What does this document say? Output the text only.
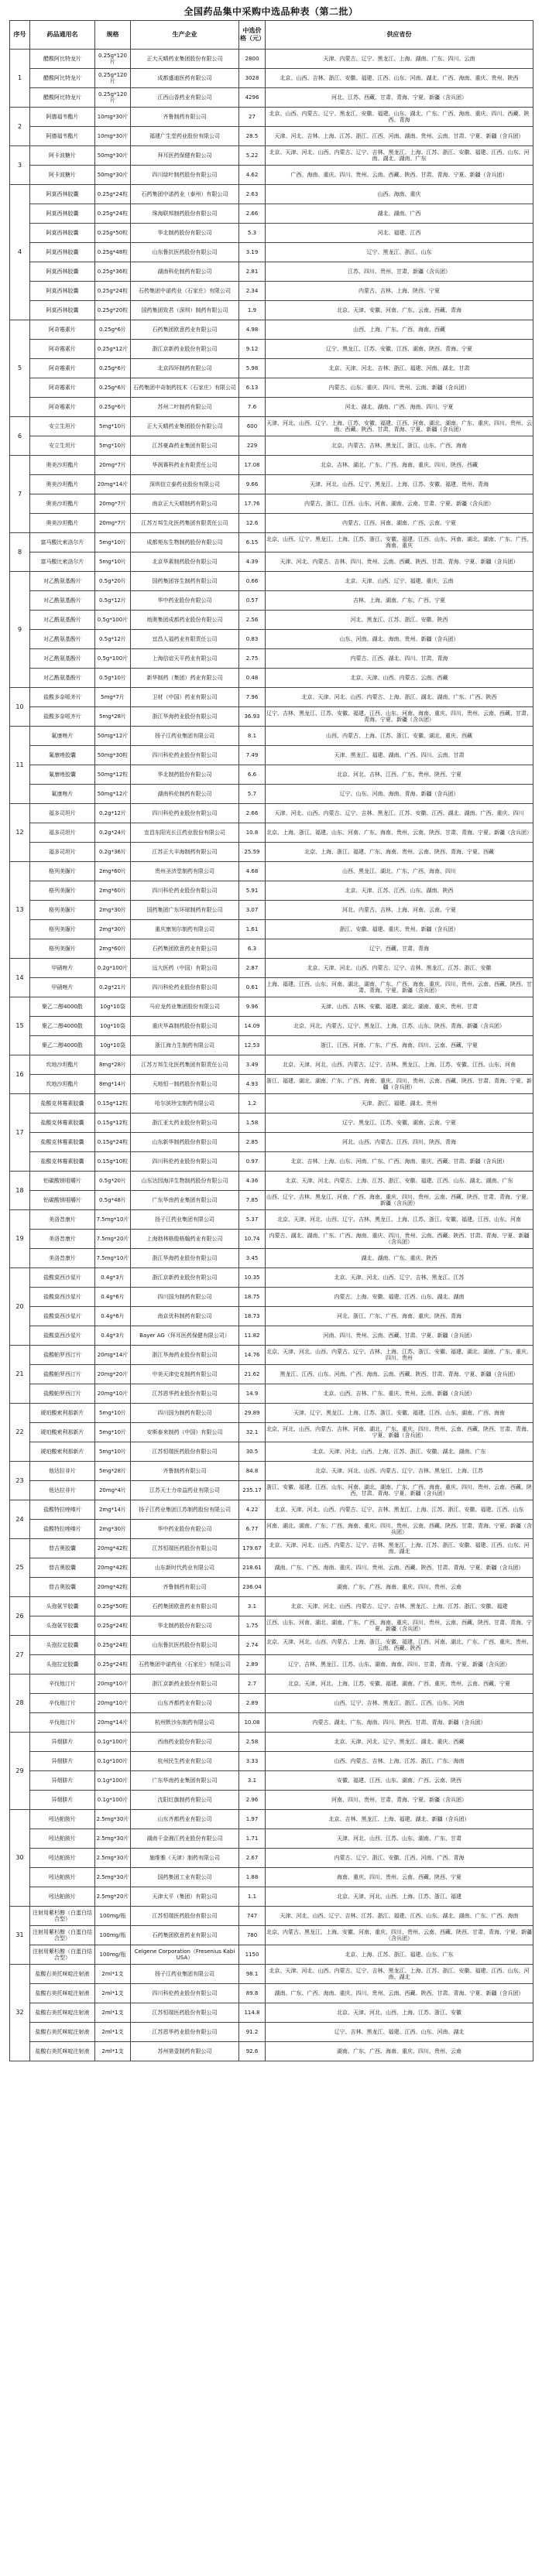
全国药品集中采购中选品种表（第二批）
序号	药品通用名	规格	生产企业	中选价格（元）	供应省份
1	醋酸阿比特龙片	0.25g*120片	正大天晴药业集团股份有限公司	2800	天津、内蒙古、辽宁、黑龙江、上海、湖南、广东、四川、云南
	醋酸阿比特龙片	0.25g*120片	成都盛迪医药有限公司	3028	北京、山西、吉林、浙江、安徽、福建、江西、山东、河南、湖北、广西、海南、重庆、贵州、陕西
	醋酸阿比特龙片	0.25g*120片	江西山香药业有限公司	4296	河北、江苏、西藏、甘肃、青海、宁夏、新疆（含兵团）
2	阿德福韦酯片	10mg*30片	齐鲁制药有限公司	27	北京、山西、内蒙古、辽宁、黑龙江、安徽、福建、山东、湖北、广东、广西、海南、重庆、四川、西藏、陕西、青海
	阿德福韦酯片	10mg*30片	福建广生堂药业股份有限公司	28.5	天津、河北、吉林、上海、江苏、浙江、江西、河南、湖南、贵州、云南、甘肃、宁夏、新疆（含兵团）
3	阿卡波糖片	50mg*30片	拜耳医药保健有限公司	5.22	北京、天津、河北、山西、内蒙古、辽宁、吉林、黑龙江、上海、江苏、浙江、安徽、福建、江西、山东、河南、湖北、湖南、广东
	阿卡波糖片	50mg*30片	四川绿叶制药股份有限公司	4.62	广西、海南、重庆、四川、贵州、云南、西藏、陕西、甘肃、青海、宁夏、新疆（含兵团）
4	阿莫西林胶囊	0.25g*24粒	石药集团中诺药业（泰州）有限公司	2.63	山西、海南、重庆
	阿莫西林胶囊	0.25g*24粒	珠海联邦制药股份有限公司	2.66	湖北、湖南、广西
	阿莫西林胶囊	0.25g*50粒	华北制药股份有限公司	5.3	河北、福建、江西
	阿莫西林胶囊	0.25g*48粒	山东鲁抗医药股份有限公司	3.19	辽宁、黑龙江、浙江、山东
	阿莫西林胶囊	0.25g*36粒	湖南科伦制药有限公司	2.81	江苏、四川、贵州、甘肃、新疆（含兵团）
	阿莫西林胶囊	0.25g*24粒	石药集团中诺药业（石家庄）有限公司	2.34	内蒙古、吉林、上海、陕西、宁夏
	阿莫西林胶囊	0.25g*20粒	国药集团致君（深圳）制药有限公司	1.9	北京、天津、安徽、河南、广东、云南、西藏、青海
5	阿奇霉素片	0.25g*6片	石药集团欧意药业有限公司	4.98	山西、上海、广东、广西、海南、西藏
	阿奇霉素片	0.25g*12片	浙江京新药业股份有限公司	9.12	辽宁、黑龙江、江苏、安徽、江西、湖南、陕西、青海、宁夏
	阿奇霉素片	0.25g*6片	北京四环制药有限公司	5.98	北京、天津、河北、吉林、浙江、福建、河南、湖北、甘肃
	阿奇霉素片	0.25g*6片	石药集团中奇制药技术（石家庄）有限公司	6.13	内蒙古、山东、重庆、四川、贵州、云南、新疆（含兵团）
	阿奇霉素片	0.25g*6片	苏州二叶制药有限公司	7.6	河北、湖北、湖南、广西、海南、四川、宁夏
6	安立生坦片	5mg*10片	正大天晴药业集团股份有限公司	600	天津、河北、山西、辽宁、上海、江苏、安徽、福建、江西、河南、湖北、湖南、广东、重庆、四川、贵州、云南、西藏、陕西、甘肃、青海、宁夏、新疆（含兵团）
	安立生坦片	5mg*10片	江苏豪森药业集团有限公司	229	北京、内蒙古、吉林、黑龙江、浙江、山东、广西、海南
7	奥美沙坦酯片	20mg*7片	华润赛科药业有限责任公司	17.08	北京、吉林、湖北、广东、广西、海南、重庆、四川、陕西、西藏
	奥美沙坦酯片	20mg*14片	深圳信立泰药业股份有限公司	9.66	天津、河北、山西、辽宁、黑龙江、上海、江苏、安徽、福建、贵州、青海
	奥美沙坦酯片	20mg*7片	南京正大天晴制药有限公司	17.76	内蒙古、浙江、江西、山东、河南、湖南、云南、甘肃、宁夏、新疆（含兵团）
	奥美沙坦酯片	20mg*7片	江苏万邦生化医药集团有限责任公司	12.6	内蒙古、江西、河南、湖南、广西、云南、宁夏
8	富马酸比索洛尔片	5mg*10片	成都苑东生物制药股份有限公司	6.15	北京、山西、辽宁、黑龙江、上海、江苏、浙江、安徽、福建、江西、山东、河南、湖北、湖南、广东、广西、海南、重庆
	富马酸比索洛尔片	5mg*10片	北京华素制药股份有限公司	4.39	天津、河北、内蒙古、吉林、四川、贵州、云南、西藏、陕西、甘肃、青海、宁夏、新疆（含兵团）
9	对乙酰氨基酚片	0.5g*20片	国药集团容生制药有限公司	0.66	北京、天津、山西、辽宁、福建、重庆、云南
	对乙酰氨基酚片	0.5g*12片	华中药业股份有限公司	0.57	吉林、上海、湖南、广东、广西、宁夏
	对乙酰氨基酚片	0.5g*100片	地奥集团成都药业股份有限公司	2.56	河北、黑龙江、江苏、浙江、安徽、陕西
	对乙酰氨基酚片	0.5g*12片	宜昌人福药业有限责任公司	0.83	山东、河南、湖北、海南、贵州、新疆（含兵团）
	对乙酰氨基酚片	0.5g*100片	上海信谊天平药业有限公司	2.75	内蒙古、江西、湖北、四川、甘肃、青海
	对乙酰氨基酚片	0.5g*10片	新华制药（集团）药业有限公司	0.48	北京、天津、山西、内蒙古、云南、西藏
10	盐酸多奈哌齐片	5mg*7片	卫材（中国）药业有限公司	7.96	北京、天津、河北、山西、内蒙古、上海、浙江、湖北、湖南、广东、广西、陕西
	盐酸多奈哌齐片	5mg*28片	浙江华海药业股份有限公司	36.93	辽宁、吉林、黑龙江、江苏、安徽、福建、江西、山东、河南、海南、重庆、四川、贵州、云南、西藏、甘肃、青海、宁夏、新疆（含兵团）
11	氟康唑片	50mg*12片	扬子江药业集团有限公司	8.1	山西、内蒙古、上海、江苏、浙江、安徽、湖北、重庆、西藏
	氟康唑胶囊	50mg*30粒	四川科伦药业股份有限公司	7.49	天津、黑龙江、福建、湖南、广西、四川、云南、甘肃
	氟康唑胶囊	50mg*12粒	华北制药股份有限公司	6.6	北京、河北、吉林、江西、广东、贵州、陕西、宁夏
	氟康唑片	50mg*12片	湖南科伦制药有限公司	5.7	辽宁、山东、河南、海南、青海、新疆（含兵团）
12	福多司坦片	0.2g*12片	四川科伦药业股份有限公司	2.66	天津、河北、山西、内蒙古、辽宁、吉林、黑龙江、江苏、安徽、江西、湖北、湖南、广西、重庆、四川
	福多司坦片	0.2g*24片	宜昌东阳光长江药业股份有限公司	10.8	北京、上海、浙江、福建、山东、河南、广东、海南、贵州、云南、陕西、甘肃、青海、宁夏、新疆（含兵团）
	福多司坦片	0.2g*36片	江苏正大丰海制药有限公司	25.59	北京、上海、浙江、福建、广东、海南、贵州、云南、陕西、青海、宁夏、西藏
13	格列美脲片	2mg*60片	贵州圣济堂制药有限公司	4.68	山西、黑龙江、湖北、广东、广西、海南、四川
	格列美脲片	2mg*60片	四川科伦药业股份有限公司	5.91	北京、天津、江苏、江西、山东、湖南、陕西
	格列美脲片	2mg*30片	国药集团广东环球制药有限公司	3.07	河北、内蒙古、吉林、上海、河南、云南、宁夏
	格列美脲片	2mg*30片	重庆康刻尔制药有限公司	1.61	浙江、安徽、福建、重庆、贵州、新疆（含兵团）
	格列美脲片	2mg*60片	石药集团欧意药业有限公司	6.3	辽宁、西藏、甘肃、青海
14	甲硝唑片	0.2g*100片	远大医药（中国）有限公司	2.87	北京、天津、河北、山西、内蒙古、辽宁、吉林、黑龙江、江苏、浙江、安徽
	甲硝唑片	0.2g*21片	四川科伦药业股份有限公司	0.61	上海、福建、江西、山东、河南、湖北、湖南、广东、广西、海南、重庆、四川、贵州、云南、西藏、陕西、甘肃、青海、宁夏、新疆（含兵团）
15	聚乙二醇4000散	10g*10袋	马应龙药业集团股份有限公司	9.96	天津、山西、吉林、安徽、福建、湖北、湖南、重庆、贵州、甘肃
	聚乙二醇4000散	10g*10袋	重庆华森制药股份有限公司	14.09	北京、河北、内蒙古、辽宁、黑龙江、上海、江苏、山东、陕西、青海、新疆（含兵团）
	聚乙二醇4000散	10g*10袋	浙江海力生制药有限公司	12.53	浙江、江西、河南、广东、广西、海南、四川、云南、西藏、宁夏
16	坎地沙坦酯片	8mg*28片	江苏万邦生化医药集团有限责任公司	3.49	北京、天津、河北、山西、内蒙古、辽宁、吉林、黑龙江、上海、江苏、安徽、江西、山东、河南
	坎地沙坦酯片	8mg*14片	天地恒一制药股份有限公司	4.93	浙江、福建、湖北、湖南、广东、广西、海南、重庆、四川、贵州、云南、西藏、陕西、甘肃、青海、宁夏、新疆（含兵团）
17	盐酸克林霉素胶囊	0.15g*12粒	哈尔滨珍宝制药有限公司	1.2	天津、浙江、福建、湖北、贵州
	盐酸克林霉素胶囊	0.15g*12粒	浙江亚太药业股份有限公司	1.58	辽宁、黑龙江、江苏、安徽、湖南、云南、宁夏
	盐酸克林霉素胶囊	0.15g*24粒	山东新华制药股份有限公司	2.85	河北、山西、内蒙古、江西、四川、陕西、青海
	盐酸克林霉素胶囊	0.15g*10粒	四川科伦药业股份有限公司	0.97	北京、吉林、上海、山东、河南、广东、广西、海南、重庆、西藏、甘肃、新疆（含兵团）
18	铝碳酸镁咀嚼片	0.5g*20片	山东达因海洋生物制药股份有限公司	4.36	北京、天津、河北、内蒙古、上海、江苏、浙江、安徽、福建、江西、山东、湖北、湖南、广东
	铝碳酸镁咀嚼片	0.5g*48片	广东华南药业集团有限公司	7.85	山西、辽宁、吉林、黑龙江、河南、广西、海南、重庆、四川、贵州、云南、西藏、陕西、甘肃、青海、宁夏、新疆（含兵团）
19	美洛昔康片	7.5mg*10片	扬子江药业集团有限公司	5.37	北京、天津、河北、山西、辽宁、吉林、黑龙江、上海、江苏、浙江、安徽、福建、江西、山东、河南
	美洛昔康片	7.5mg*20片	上海勃林格殷格翰药业有限公司	10.74	内蒙古、湖北、湖南、广东、广西、海南、重庆、四川、贵州、云南、西藏、陕西、甘肃、青海、宁夏、新疆（含兵团）
	美洛昔康片	7.5mg*10片	浙江华海药业股份有限公司	3.45	湖北、湖南、广东、重庆、陕西
20	盐酸莫西沙星片	0.4g*3片	浙江京新药业股份有限公司	10.35	北京、天津、河北、山西、辽宁、吉林、黑龙江、江苏
	盐酸莫西沙星片	0.4g*6片	四川国为制药有限公司	18.75	内蒙古、上海、安徽、福建、江西、山东、湖北、湖南
	盐酸莫西沙星片	0.4g*6片	南京优科制药有限公司	18.73	河北、浙江、广东、广西、海南、重庆、陕西、青海
	盐酸莫西沙星片	0.4g*3片	Bayer AG（拜耳医药保健有限公司）	11.82	河南、四川、贵州、云南、西藏、甘肃、宁夏、新疆（含兵团）
21	盐酸帕罗西汀片	20mg*14片	浙江华海药业股份有限公司	14.76	北京、天津、河北、山西、内蒙古、辽宁、吉林、上海、江苏、浙江、安徽、福建、湖北、湖南、广东、重庆、四川、贵州
	盐酸帕罗西汀片	20mg*20片	中美天津史克制药有限公司	21.62	黑龙江、江西、山东、河南、广西、海南、云南、西藏、陕西、甘肃、青海、宁夏、新疆（含兵团）
	盐酸帕罗西汀片	20mg*10片	江苏恩华药业股份有限公司	14.9	北京、山西、吉林、广东、重庆、贵州、云南、新疆（含兵团）
22	琥珀酸索利那新片	5mg*10片	四川国为制药有限公司	29.89	天津、辽宁、黑龙江、上海、江苏、浙江、安徽、福建、江西、山东、湖南、广西、海南
	琥珀酸索利那新片	5mg*10片	安斯泰来制药（中国）有限公司	32.1	北京、河北、山西、内蒙古、吉林、河南、湖北、广东、重庆、四川、贵州、云南、西藏、陕西、甘肃、青海、宁夏、新疆（含兵团）
	琥珀酸索利那新片	5mg*10片	江苏恒瑞医药股份有限公司	30.5	北京、天津、河北、山西、上海、江苏、浙江、安徽、湖北、湖南、广东
23	他达拉非片	5mg*28片	齐鲁制药有限公司	84.8	北京、天津、河北、山西、内蒙古、辽宁、吉林、黑龙江、上海、江苏
	他达拉非片	20mg*4片	江苏天士力帝益药业有限公司	235.17	浙江、安徽、福建、江西、山东、河南、湖北、湖南、广东、广西、海南、重庆、四川、贵州、云南、西藏、陕西、甘肃、青海、宁夏、新疆（含兵团）
24	盐酸特拉唑嗪片	2mg*14片	扬子江药业集团江苏制药股份有限公司	4.22	北京、天津、河北、山西、内蒙古、辽宁、吉林、黑龙江、上海、江苏、浙江、安徽、福建、江西、山东
	盐酸特拉唑嗪片	2mg*30片	华中药业股份有限公司	6.77	河南、湖北、湖南、广东、广西、海南、重庆、四川、贵州、云南、西藏、陕西、甘肃、青海、宁夏、新疆（含兵团）
25	替吉奥胶囊	20mg*42粒	江苏恒瑞医药股份有限公司	179.67	北京、天津、河北、山西、内蒙古、辽宁、吉林、黑龙江、上海、江苏、浙江、安徽、福建、江西、山东、河南、湖北
	替吉奥胶囊	20mg*42粒	山东新时代药业有限公司	218.61	湖南、广东、广西、海南、重庆、四川、贵州、云南、西藏、陕西、甘肃、青海、宁夏、新疆（含兵团）
	替吉奥胶囊	20mg*42粒	齐鲁制药有限公司	236.04	湖南、广东、广西、海南、重庆、四川、贵州、云南
26	头孢氨苄胶囊	0.25g*50粒	石药集团欧意药业有限公司	3.1	北京、天津、河北、山西、内蒙古、辽宁、吉林、黑龙江、上海、江苏、浙江、安徽、福建
	头孢氨苄胶囊	0.25g*24粒	华北制药股份有限公司	1.75	江西、山东、河南、湖北、湖南、广东、广西、海南、重庆、四川、贵州、云南、西藏、陕西、甘肃、青海、宁夏、新疆（含兵团）
27	头孢拉定胶囊	0.25g*24粒	山东鲁抗医药股份有限公司	2.74	北京、天津、河北、山西、内蒙古、上海、浙江、安徽、福建、江西、河南、湖北、广东、广西、重庆、贵州、云南、西藏、陕西
	头孢拉定胶囊	0.25g*24粒	石药集团中诺药业（石家庄）有限公司	2.89	辽宁、吉林、黑龙江、江苏、山东、湖南、海南、四川、甘肃、青海、宁夏、新疆（含兵团）
28	辛伐他汀片	20mg*10片	浙江京新药业股份有限公司	2.7	北京、天津、河北、上海、江苏、安徽、福建、湖南、广西、重庆、贵州、云南、西藏、宁夏
	辛伐他汀片	20mg*10片	山东齐都药业有限公司	2.89	山西、辽宁、吉林、黑龙江、浙江、江西、山东、河南
	辛伐他汀片	20mg*14片	杭州默沙东制药有限公司	10.08	内蒙古、湖北、广东、海南、四川、陕西、甘肃、青海、新疆（含兵团）
29	异烟肼片	0.1g*100片	西南药业股份有限公司	2.58	北京、天津、河北、辽宁、黑龙江、湖北、重庆、西藏
	异烟肼片	0.1g*100片	杭州民生药业有限公司	3.33	山西、内蒙古、吉林、上海、江苏、浙江、广东、海南
	异烟肼片	0.1g*100片	广东华南药业集团有限公司	3.1	安徽、福建、江西、山东、湖南、广西、云南、陕西
	异烟肼片	0.1g*100片	沈阳红旗制药有限公司	2.96	河南、四川、贵州、甘肃、青海、宁夏、新疆（含兵团）
30	吲达帕胺片	2.5mg*30片	山东齐都药业有限公司	1.97	北京、吉林、黑龙江、上海、福建、湖北、新疆（含兵团）
	吲达帕胺片	2.5mg*30片	湖南千金湘江药业股份有限公司	1.71	天津、河北、山西、江苏、山东、湖南、广东、甘肃
	吲达帕胺片	2.5mg*30片	施维雅（天津）制药有限公司	2.67	内蒙古、辽宁、浙江、安徽、江西、河南、广西、青海
	吲达帕胺片	2.5mg*30片	国药集团工业有限公司	1.88	海南、重庆、四川、贵州、云南、西藏、陕西、宁夏
	吲达帕胺片	2.5mg*20片	天津太平（集团）有限公司	1.1	北京、天津、河北、山西、上海、江苏、浙江、福建
31	注射用紫杉醇（白蛋白结合型）	100mg/瓶	江苏恒瑞医药股份有限公司	747	天津、河北、山西、辽宁、吉林、江苏、浙江、福建、江西、山东、湖北、湖南、广东、广西、海南
	注射用紫杉醇（白蛋白结合型）	100mg/瓶	石药集团欧意药业有限公司	780	北京、内蒙古、黑龙江、上海、安徽、河南、重庆、四川、贵州、云南、西藏、陕西、甘肃、青海、宁夏、新疆（含兵团）
	注射用紫杉醇（白蛋白结合型）	100mg/瓶	Celgene Corporation（Fresenius Kabi USA）	1150	北京、上海、江苏、浙江、福建、山东、广东
32	盐酸右美托咪啶注射液	2ml*1支	扬子江药业集团有限公司	98.1	北京、天津、河北、山西、内蒙古、辽宁、吉林、黑龙江、上海、江苏、浙江、安徽、福建、江西、山东、河南、湖北
	盐酸右美托咪啶注射液	2ml*1支	四川科伦药业股份有限公司	89.8	湖南、广东、广西、海南、重庆、四川、贵州、云南、西藏、陕西、甘肃、青海、宁夏、新疆（含兵团）
	盐酸右美托咪啶注射液	2ml*1支	江苏恒瑞医药股份有限公司	114.8	北京、天津、河北、山西、上海、江苏、浙江、安徽
	盐酸右美托咪啶注射液	2ml*1支	江苏恩华药业股份有限公司	91.2	辽宁、吉林、黑龙江、福建、江西、山东、河南、湖北
	盐酸右美托咪啶注射液	2ml*1支	苏州第壹制药有限公司	92.6	湖南、广东、广西、海南、重庆、四川、贵州、云南
